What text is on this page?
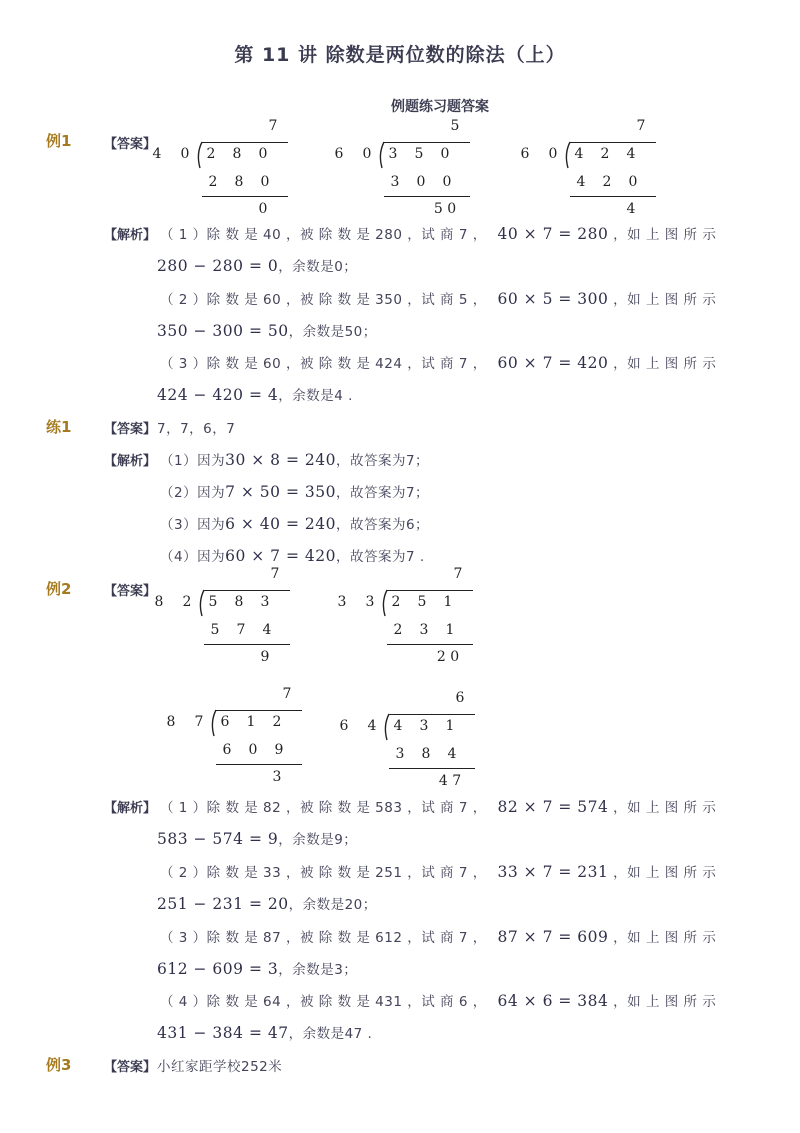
第 11 讲 除数是两位数的除法（上）
例题练习题答案
例1	【答案】
4 0 2 8 0
7
2 8 0
0
6 0 3 5 0
5
3 0 0
5 0
6 0 4 2 4
7
4 2 0
4
【解析】 （ 1 ）除 数 是 40 ，被 除 数 是 280 ，试 商 7 ， 40 × 7 = 280 ，如 上 图 所 示
280 − 280 = 0，余数是0；
（ 2 ）除 数 是 60 ，被 除 数 是 350 ，试 商 5 ， 60 × 5 = 300 ，如 上 图 所 示
350 − 300 = 50，余数是50；
（ 3 ）除 数 是 60 ，被 除 数 是 424 ，试 商 7 ， 60 × 7 = 420 ，如 上 图 所 示
424 − 420 = 4，余数是4 .
练1	【答案】 7，7，6，7
【解析】 （1）因为30 × 8 = 240，故答案为7；
（2）因为7 × 50 = 350，故答案为7；
（3）因为6 × 40 = 240，故答案为6；
（4）因为60 × 7 = 420，故答案为7 .
例2	【答案】
8 2 5 8 3
7
5 7 4
9
3 3 2 5 1
7
2 3 1
2 0
8 7 6 1 2
7
6 0 9
3
6 4 4 3 1
6
3 8 4
4 7
【解析】 （ 1 ）除 数 是 82 ，被 除 数 是 583 ，试 商 7 ， 82 × 7 = 574 ，如 上 图 所 示
583 − 574 = 9，余数是9；
（ 2 ）除 数 是 33 ，被 除 数 是 251 ，试 商 7 ， 33 × 7 = 231 ，如 上 图 所 示
251 − 231 = 20，余数是20；
（ 3 ）除 数 是 87 ，被 除 数 是 612 ，试 商 7 ， 87 × 7 = 609 ，如 上 图 所 示
612 − 609 = 3，余数是3；
（ 4 ）除 数 是 64 ，被 除 数 是 431 ，试 商 6 ， 64 × 6 = 384 ，如 上 图 所 示
431 − 384 = 47，余数是47 .
例3	【答案】 小红家距学校252米
